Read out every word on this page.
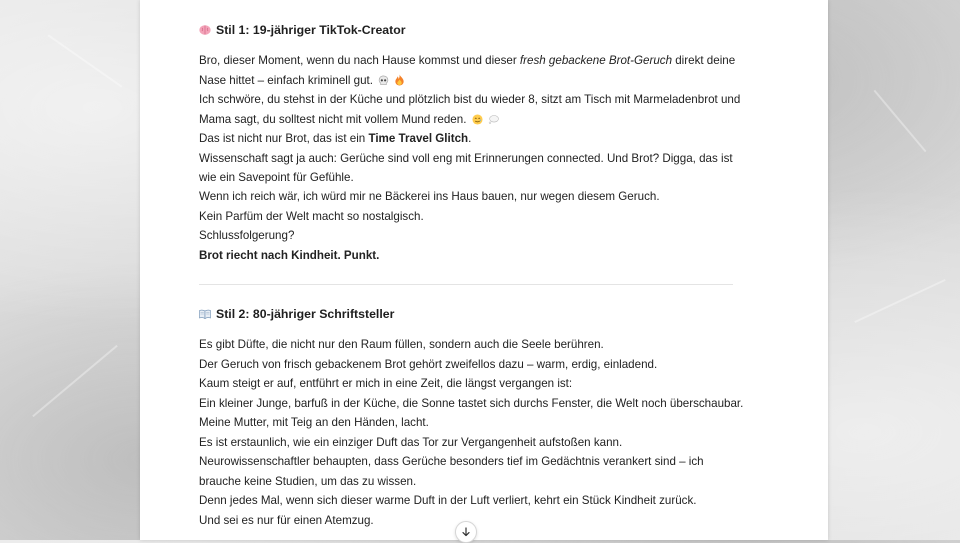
Stil 1: 19-jähriger TikTok-Creator
Bro, dieser Moment, wenn du nach Hause kommst und dieser fresh gebackene Brot-Geruch direkt deine
Nase hittet – einfach kriminell gut.
Ich schwöre, du stehst in der Küche und plötzlich bist du wieder 8, sitzt am Tisch mit Marmeladenbrot und
Mama sagt, du solltest nicht mit vollem Mund reden.
Das ist nicht nur Brot, das ist ein Time Travel Glitch.
Wissenschaft sagt ja auch: Gerüche sind voll eng mit Erinnerungen connected. Und Brot? Digga, das ist
wie ein Savepoint für Gefühle.
Wenn ich reich wär, ich würd mir ne Bäckerei ins Haus bauen, nur wegen diesem Geruch.
Kein Parfüm der Welt macht so nostalgisch.
Schlussfolgerung?
Brot riecht nach Kindheit. Punkt.
Stil 2: 80-jähriger Schriftsteller
Es gibt Düfte, die nicht nur den Raum füllen, sondern auch die Seele berühren.
Der Geruch von frisch gebackenem Brot gehört zweifellos dazu – warm, erdig, einladend.
Kaum steigt er auf, entführt er mich in eine Zeit, die längst vergangen ist:
Ein kleiner Junge, barfuß in der Küche, die Sonne tastet sich durchs Fenster, die Welt noch überschaubar.
Meine Mutter, mit Teig an den Händen, lacht.
Es ist erstaunlich, wie ein einziger Duft das Tor zur Vergangenheit aufstoßen kann.
Neurowissenschaftler behaupten, dass Gerüche besonders tief im Gedächtnis verankert sind – ich
brauche keine Studien, um das zu wissen.
Denn jedes Mal, wenn sich dieser warme Duft in der Luft verliert, kehrt ein Stück Kindheit zurück.
Und sei es nur für einen Atemzug.
